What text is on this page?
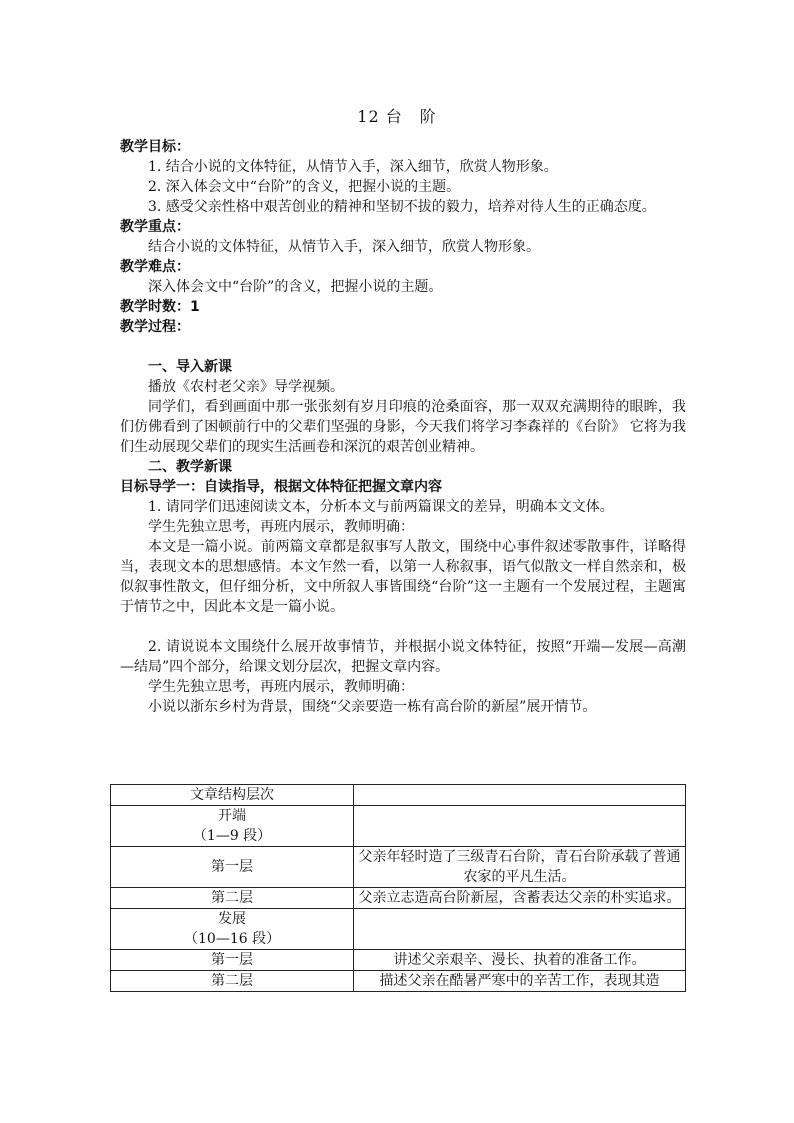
12 台　阶
教学目标：
1. 结合小说的文体特征，从情节入手，深入细节，欣赏人物形象。
2. 深入体会文中“台阶”的含义，把握小说的主题。
3. 感受父亲性格中艰苦创业的精神和坚韧不拔的毅力，培养对待人生的正确态度。
教学重点：
结合小说的文体特征，从情节入手，深入细节，欣赏人物形象。
教学难点：
深入体会文中“台阶”的含义，把握小说的主题。
教学时数：1
教学过程：
一、导入新课
播放《农村老父亲》导学视频。
同学们，看到画面中那一张张刻有岁月印痕的沧桑面容，那一双双充满期待的眼眸，我们仿佛看到了困顿前行中的父辈们坚强的身影，今天我们将学习李森祥的《台阶》 它将为我们生动展现父辈们的现实生活画卷和深沉的艰苦创业精神。
二、教学新课
目标导学一：自读指导，根据文体特征把握文章内容
1. 请同学们迅速阅读文本，分析本文与前两篇课文的差异，明确本文文体。
学生先独立思考，再班内展示，教师明确：
本文是一篇小说。前两篇文章都是叙事写人散文，围绕中心事件叙述零散事件，详略得当，表现文本的思想感情。本文乍然一看，以第一人称叙事，语气似散文一样自然亲和，极似叙事性散文，但仔细分析，文中所叙人事皆围绕“台阶”这一主题有一个发展过程，主题寓于情节之中，因此本文是一篇小说。
2. 请说说本文围绕什么展开故事情节，并根据小说文体特征，按照“开端—发展—高潮—结局”四个部分，给课文划分层次，把握文章内容。
学生先独立思考，再班内展示，教师明确：
小说以浙东乡村为背景，围绕“父亲要造一栋有高台阶的新屋”展开情节。
文章结构层次	
开端
（1—9 段）	
第一层	父亲年轻时造了三级青石台阶，青石台阶承载了普通农家的平凡生活。
第二层	父亲立志造高台阶新屋，含蓄表达父亲的朴实追求。
发展
（10—16 段）	
第一层	讲述父亲艰辛、漫长、执着的准备工作。
第二层	描述父亲在酷暑严寒中的辛苦工作，表现其造
